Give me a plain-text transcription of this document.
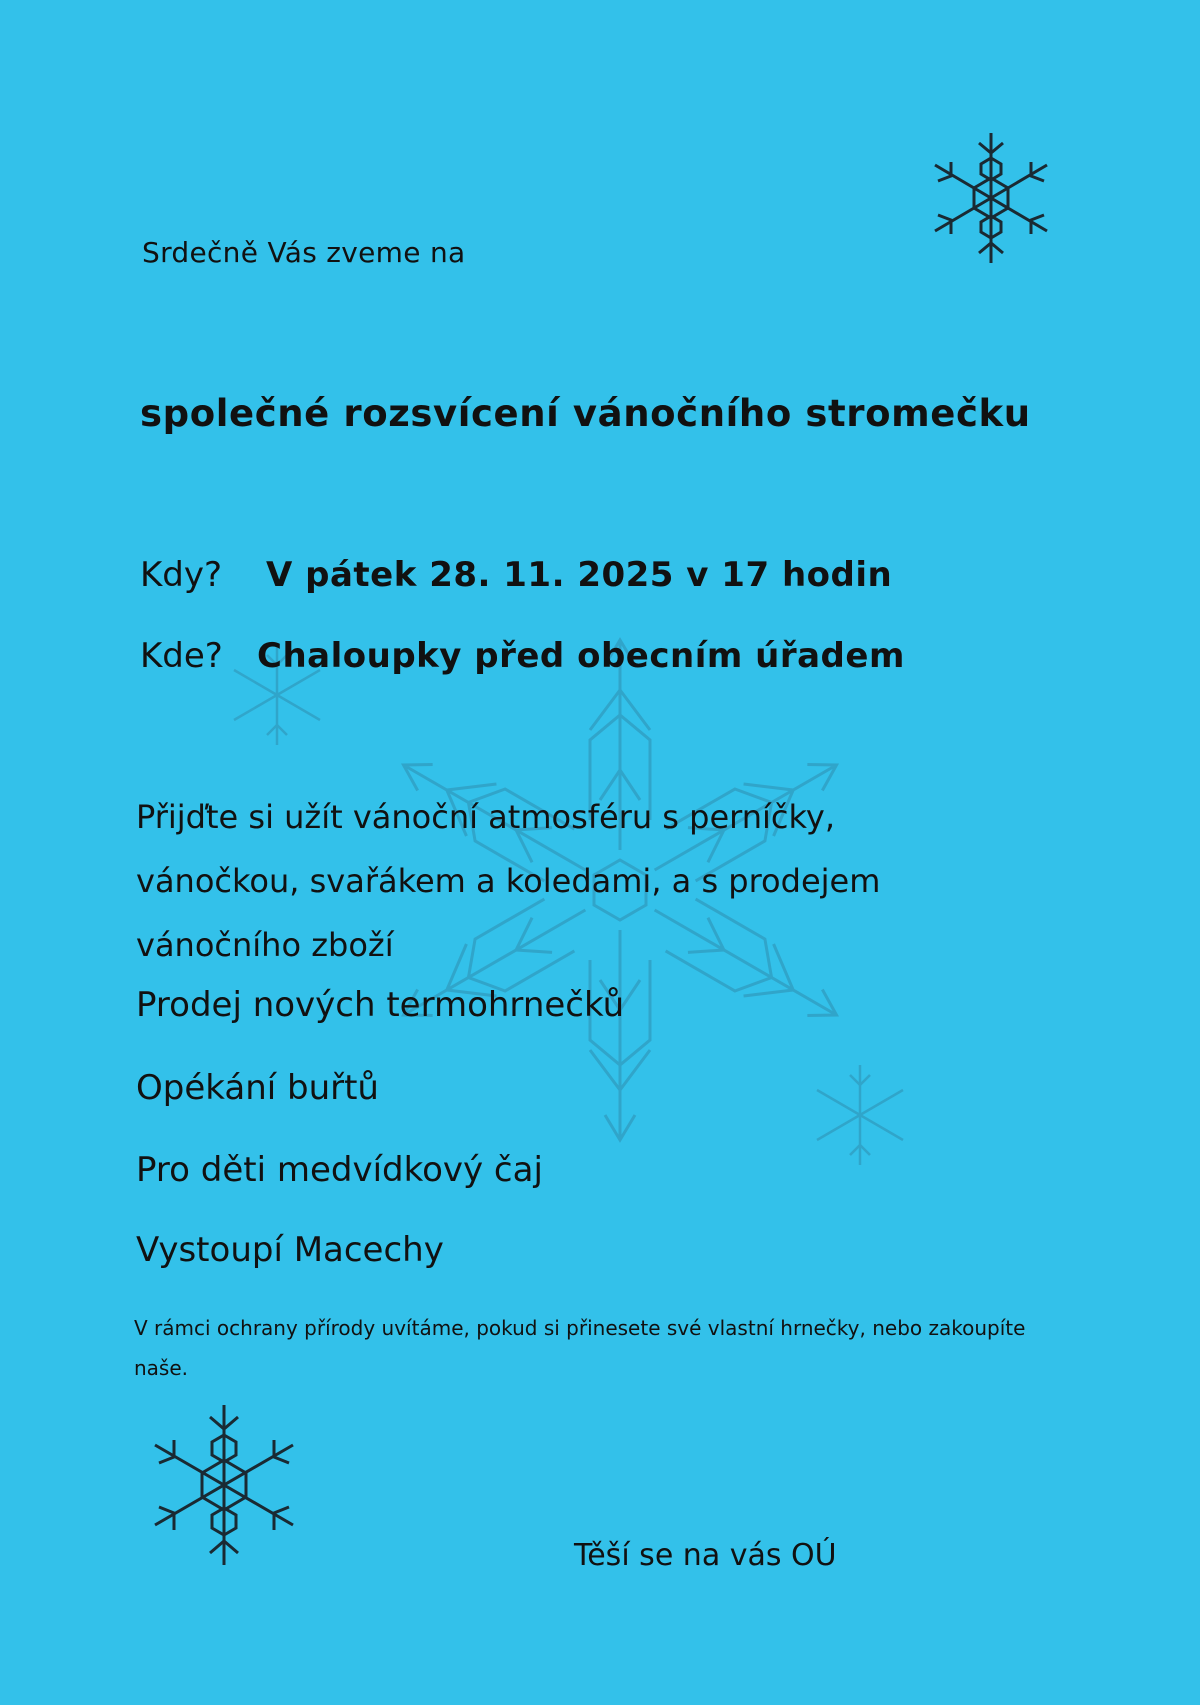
Srdečně Vás zveme na
společné rozsvícení vánočního stromečku
Kdy? V pátek 28. 11. 2025 v 17 hodin
Kde? Chaloupky před obecním úřadem
Přijďte si užít vánoční atmosféru s perníčky, vánočkou, svařákem a koledami, a s prodejem vánočního zboží
Prodej nových termohrnečků
Opékání buřtů
Pro děti medvídkový čaj
Vystoupí Macechy
V rámci ochrany přírody uvítáme, pokud si přinesete své vlastní hrnečky, nebo zakoupíte naše.
Těší se na vás OÚ
